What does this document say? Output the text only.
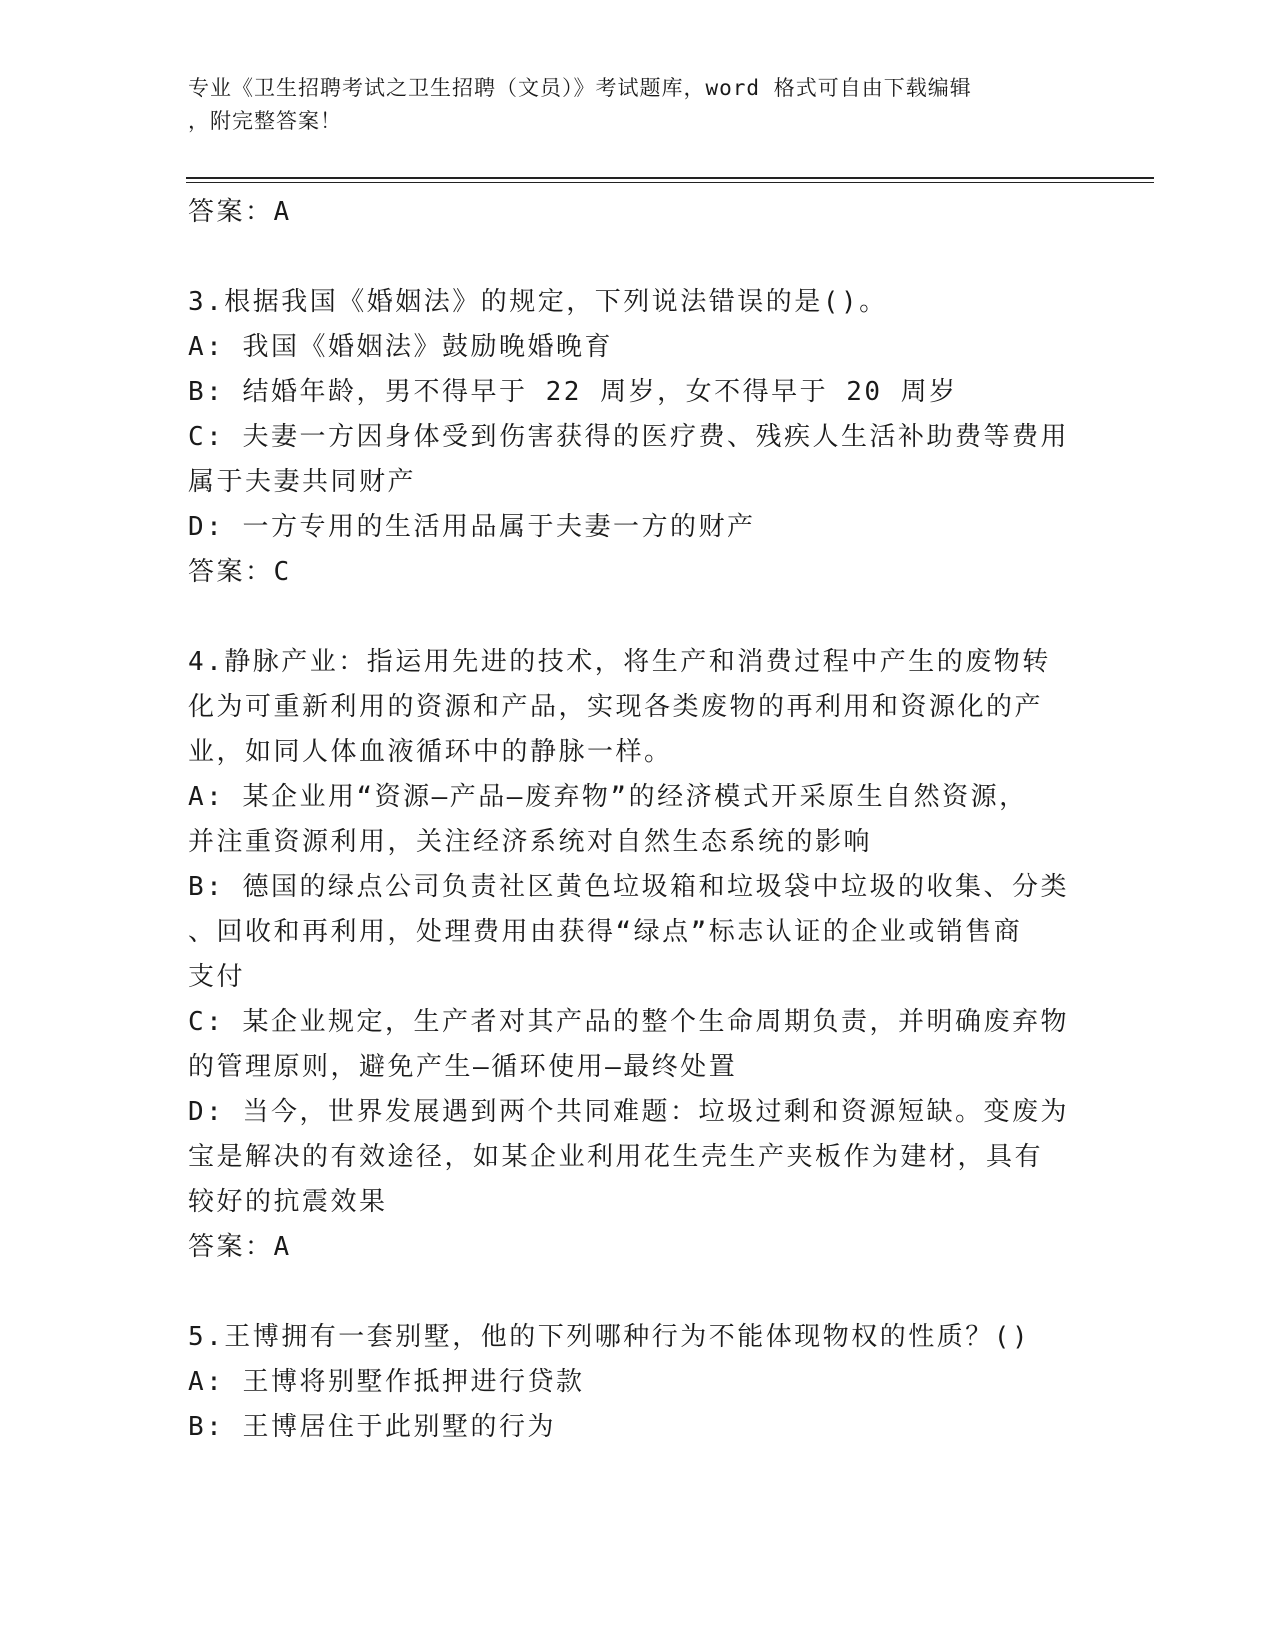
专业《卫生招聘考试之卫生招聘（文员）》考试题库，word 格式可自由下载编辑
，附完整答案！
答案：A
3.根据我国《婚姻法》的规定，下列说法错误的是()。
A: 我国《婚姻法》鼓励晚婚晚育
B: 结婚年龄，男不得早于 22 周岁，女不得早于 20 周岁
C: 夫妻一方因身体受到伤害获得的医疗费、残疾人生活补助费等费用
属于夫妻共同财产
D: 一方专用的生活用品属于夫妻一方的财产
答案：C
4.静脉产业：指运用先进的技术，将生产和消费过程中产生的废物转
化为可重新利用的资源和产品，实现各类废物的再利用和资源化的产
业，如同人体血液循环中的静脉一样。
A: 某企业用“资源—产品—废弃物”的经济模式开采原生自然资源，
并注重资源利用，关注经济系统对自然生态系统的影响
B: 德国的绿点公司负责社区黄色垃圾箱和垃圾袋中垃圾的收集、分类
、回收和再利用，处理费用由获得“绿点”标志认证的企业或销售商
支付
C: 某企业规定，生产者对其产品的整个生命周期负责，并明确废弃物
的管理原则，避免产生—循环使用—最终处置
D: 当今，世界发展遇到两个共同难题：垃圾过剩和资源短缺。变废为
宝是解决的有效途径，如某企业利用花生壳生产夹板作为建材，具有
较好的抗震效果
答案：A
5.王博拥有一套别墅，他的下列哪种行为不能体现物权的性质？()
A: 王博将别墅作抵押进行贷款
B: 王博居住于此别墅的行为
